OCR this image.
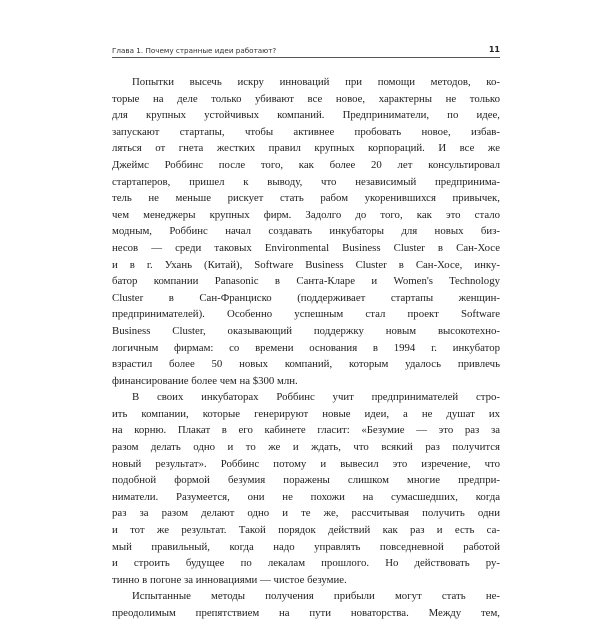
Глава 1. Почему странные идеи работают?	11
Попытки высечь искру инноваций при помощи методов, ко-
торые на деле только убивают все новое, характерны не только
для крупных устойчивых компаний. Предприниматели, по идее,
запускают стартапы, чтобы активнее пробовать новое, избав-
ляться от гнета жестких правил крупных корпораций. И все же
Джеймс Роббинс после того, как более 20 лет консультировал
стартаперов, пришел к выводу, что независимый предпринима-
тель не меньше рискует стать рабом укоренившихся привычек,
чем менеджеры крупных фирм. Задолго до того, как это стало
модным, Роббинс начал создавать инкубаторы для новых биз-
несов — среди таковых Environmental Business Cluster в Сан-Хосе
и в г. Ухань (Китай), Software Business Cluster в Сан-Хосе, инку-
батор компании Panasonic в Санта-Кларе и Women's Technology
Cluster в Сан-Франциско (поддерживает стартапы женщин-
предпринимателей). Особенно успешным стал проект Software
Business Cluster, оказывающий поддержку новым высокотехно-
логичным фирмам: со времени основания в 1994 г. инкубатор
взрастил более 50 новых компаний, которым удалось привлечь
финансирование более чем на $300 млн.
В своих инкубаторах Роббинс учит предпринимателей стро-
ить компании, которые генерируют новые идеи, а не душат их
на корню. Плакат в его кабинете гласит: «Безумие — это раз за
разом делать одно и то же и ждать, что всякий раз получится
новый результат». Роббинс потому и вывесил это изречение, что
подобной формой безумия поражены слишком многие предпри-
ниматели. Разумеется, они не похожи на сумасшедших, когда
раз за разом делают одно и те же, рассчитывая получить одни
и тот же результат. Такой порядок действий как раз и есть са-
мый правильный, когда надо управлять повседневной работой
и строить будущее по лекалам прошлого. Но действовать ру-
тинно в погоне за инновациями — чистое безумие.
Испытанные методы получения прибыли могут стать не-
преодолимым препятствием на пути новаторства. Между тем,
